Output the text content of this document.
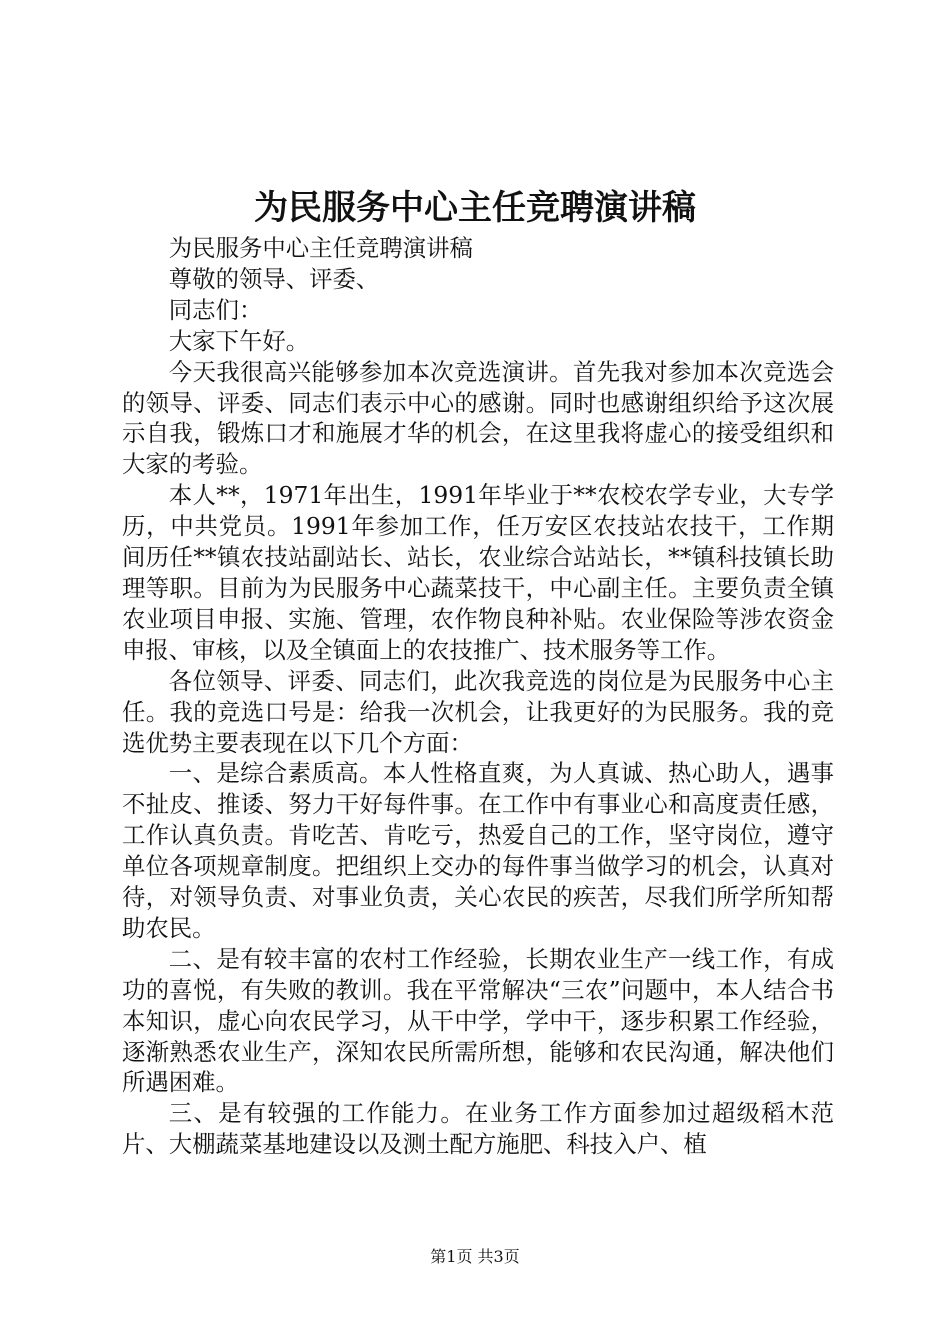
为民服务中心主任竞聘演讲稿

为民服务中心主任竞聘演讲稿

尊敬的领导、评委、

同志们：

大家下午好。

今天我很高兴能够参加本次竞选演讲。首先我对参加本次竞选会的领导、评委、同志们表示中心的感谢。同时也感谢组织给予这次展示自我，锻炼口才和施展才华的机会，在这里我将虚心的接受组织和大家的考验。

本人**，1971年出生，1991年毕业于**农校农学专业，大专学历，中共党员。1991年参加工作，任万安区农技站农技干，工作期间历任**镇农技站副站长、站长，农业综合站站长，**镇科技镇长助理等职。目前为为民服务中心蔬菜技干，中心副主任。主要负责全镇农业项目申报、实施、管理，农作物良种补贴。农业保险等涉农资金申报、审核，以及全镇面上的农技推广、技术服务等工作。

各位领导、评委、同志们，此次我竞选的岗位是为民服务中心主任。我的竞选口号是：给我一次机会，让我更好的为民服务。我的竞选优势主要表现在以下几个方面：

一、是综合素质高。本人性格直爽，为人真诚、热心助人，遇事不扯皮、推诿、努力干好每件事。在工作中有事业心和高度责任感，工作认真负责。肯吃苦、肯吃亏，热爱自己的工作，坚守岗位，遵守单位各项规章制度。把组织上交办的每件事当做学习的机会，认真对待，对领导负责、对事业负责，关心农民的疾苦，尽我们所学所知帮助农民。

二、是有较丰富的农村工作经验，长期农业生产一线工作，有成功的喜悦，有失败的教训。我在平常解决“三农”问题中，本人结合书本知识，虚心向农民学习，从干中学，学中干，逐步积累工作经验，逐渐熟悉农业生产，深知农民所需所想，能够和农民沟通，解决他们所遇困难。

三、是有较强的工作能力。在业务工作方面参加过超级稻木范片、大棚蔬菜基地建设以及测土配方施肥、科技入户、植

第1页 共3页
